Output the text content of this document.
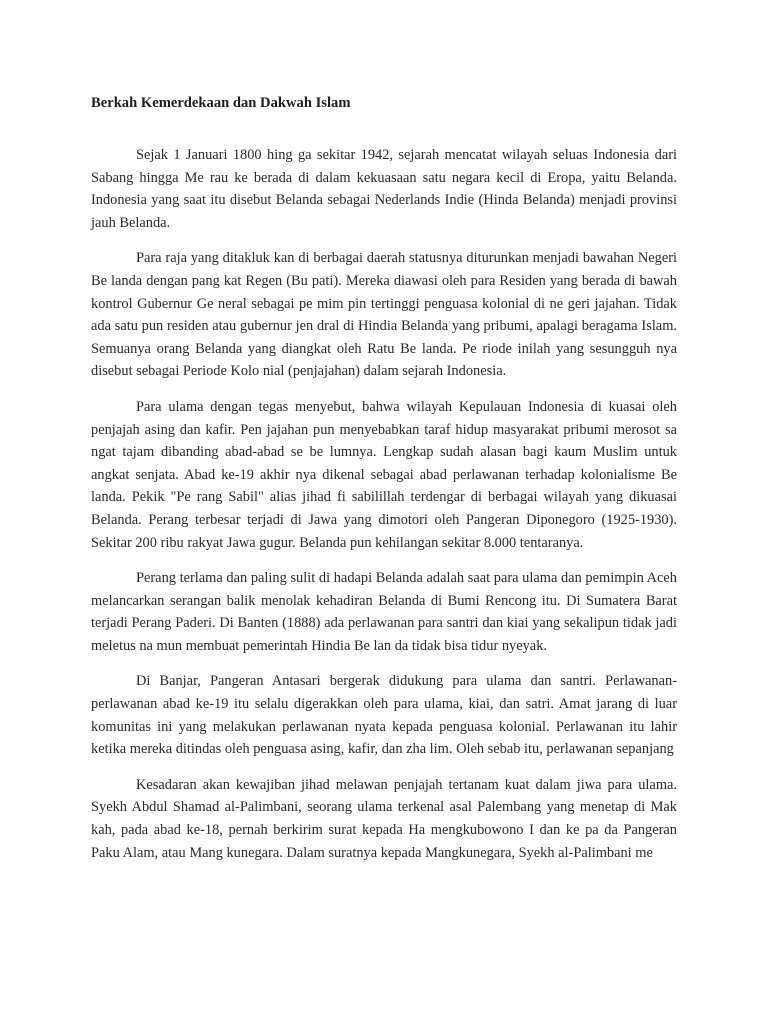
Berkah Kemerdekaan dan Dakwah Islam

Sejak 1 Januari 1800 hing ga sekitar 1942, sejarah mencatat wilayah seluas Indonesia dari Sabang hingga Me rau ke berada di dalam kekuasaan satu negara kecil di Eropa, yaitu Belanda. Indonesia yang saat itu disebut Belanda sebagai Nederlands Indie (Hinda Belanda) menjadi provinsi jauh Belanda.

Para raja yang ditakluk kan di berbagai daerah statusnya diturunkan menjadi bawahan Negeri Be landa dengan pang kat Regen (Bu pati). Mereka diawasi oleh para Residen yang berada di bawah kontrol Gubernur Ge neral sebagai pe mim pin tertinggi penguasa kolonial di ne geri jajahan. Tidak ada satu pun residen atau gubernur jen dral di Hindia Belanda yang pribumi, apalagi beragama Islam. Semuanya orang Belanda yang diangkat oleh Ratu Be landa. Pe riode inilah yang sesungguh nya disebut sebagai Periode Kolo nial (penjajahan) dalam sejarah Indonesia.

Para ulama dengan tegas menyebut, bahwa wilayah Kepulauan Indonesia di kuasai oleh penjajah asing dan kafir. Pen jajahan pun menyebabkan taraf hidup masyarakat pribumi merosot sa ngat tajam dibanding abad-abad se be lumnya. Lengkap sudah alasan bagi kaum Muslim untuk angkat senjata. Abad ke-19 akhir nya dikenal sebagai abad perlawanan terhadap kolonialisme Be landa. Pekik "Pe rang Sabil" alias jihad fi sabilillah terdengar di berbagai wilayah yang dikuasai Belanda. Perang terbesar terjadi di Jawa yang dimotori oleh Pangeran Diponegoro (1925-1930). Sekitar 200 ribu rakyat Jawa gugur. Belanda pun kehilangan sekitar 8.000 tentaranya.

Perang terlama dan paling sulit di hadapi Belanda adalah saat para ulama dan pemimpin Aceh melancarkan serangan balik menolak kehadiran Belanda di Bumi Rencong itu. Di Sumatera Barat terjadi Perang Paderi. Di Banten (1888) ada perlawanan para santri dan kiai yang sekalipun tidak jadi meletus na mun membuat pemerintah Hindia Be lan da tidak bisa tidur nyeyak.

Di Banjar, Pangeran Antasari bergerak didukung para ulama dan santri. Perlawanan-perlawanan abad ke-19 itu selalu digerakkan oleh para ulama, kiai, dan satri. Amat jarang di luar komunitas ini yang melakukan perlawanan nyata kepada penguasa kolonial. Perlawanan itu lahir ketika mereka ditindas oleh penguasa asing, kafir, dan zha lim. Oleh sebab itu, perlawanan sepanjang

Kesadaran akan kewajiban jihad melawan penjajah tertanam kuat dalam jiwa para ulama. Syekh Abdul Shamad al-Palimbani, seorang ulama terkenal asal Palembang yang menetap di Mak kah, pada abad ke-18, pernah berkirim surat kepada Ha mengkubowono I dan ke pa da Pangeran Paku Alam, atau Mang kunegara. Dalam suratnya kepada Mangkunegara, Syekh al-Palimbani me
